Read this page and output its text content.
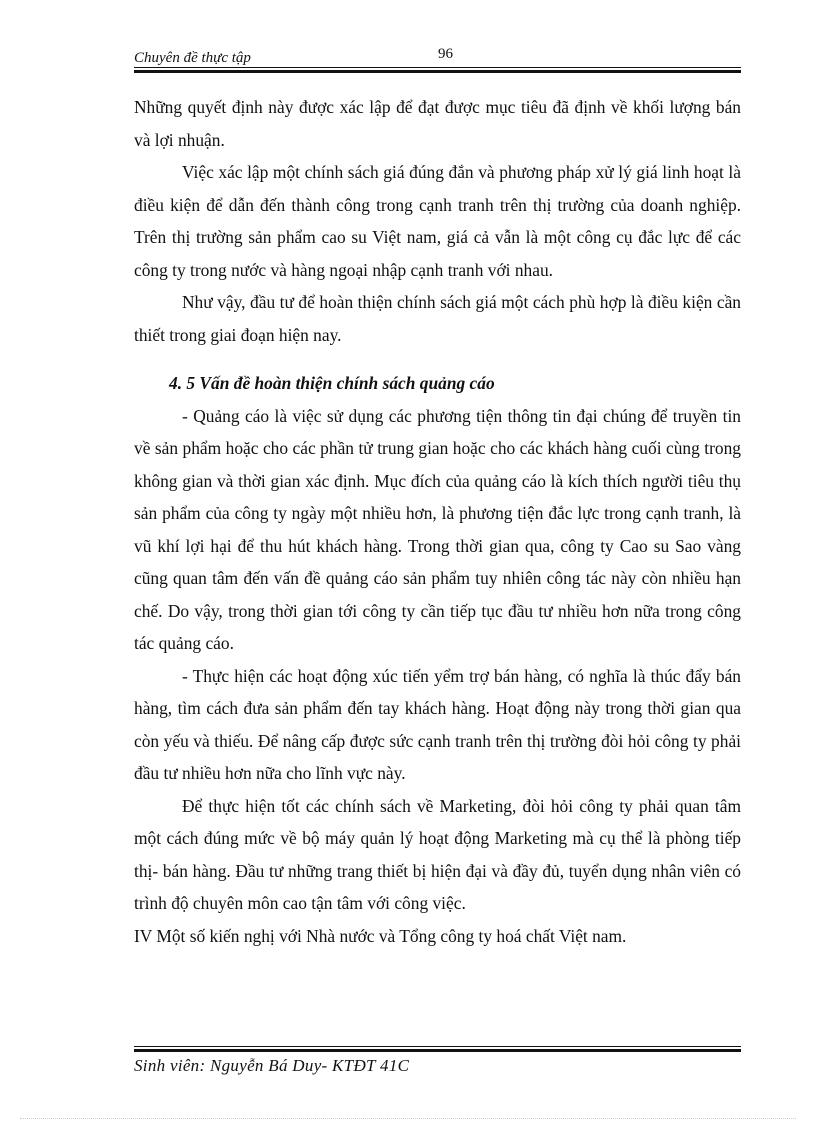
Chuyên đề thực tập	96

Những quyết định này được xác lập để đạt được mục tiêu đã định về khối lượng bán và lợi nhuận.

Việc xác lập một chính sách giá đúng đắn và phương pháp xử lý giá linh hoạt là điều kiện để dẫn đến thành công trong cạnh tranh trên thị trường của doanh nghiệp. Trên thị trường sản phẩm cao su Việt nam, giá cả vẫn là một công cụ đắc lực để các công ty trong nước và hàng ngoại nhập cạnh tranh với nhau.

Như vậy, đầu tư để hoàn thiện chính sách giá một cách phù hợp là điều kiện cần thiết trong giai đoạn hiện nay.

4. 5 Vấn đề hoàn thiện chính sách quảng cáo

- Quảng cáo là việc sử dụng các phương tiện thông tin đại chúng để truyền tin về sản phẩm hoặc cho các phần tử trung gian hoặc cho các khách hàng cuối cùng trong không gian và thời gian xác định. Mục đích của quảng cáo là kích thích người tiêu thụ sản phẩm của công ty ngày một nhiều hơn, là phương tiện đắc lực trong cạnh tranh, là vũ khí lợi hại để thu hút khách hàng. Trong thời gian qua, công ty Cao su Sao vàng cũng quan tâm đến vấn đề quảng cáo sản phẩm tuy nhiên công tác này còn nhiều hạn chế. Do vậy, trong thời gian tới công ty cần tiếp tục đầu tư nhiều hơn nữa trong công tác quảng cáo.

- Thực hiện các hoạt động xúc tiến yểm trợ bán hàng, có nghĩa là thúc đẩy bán hàng, tìm cách đưa sản phẩm đến tay khách hàng. Hoạt động này trong thời gian qua còn yếu và thiếu. Để nâng cấp được sức cạnh tranh trên thị trường đòi hỏi công ty phải đầu tư nhiều hơn nữa cho lĩnh vực này.

Để thực hiện tốt các chính sách về Marketing, đòi hỏi công ty phải quan tâm một cách đúng mức về bộ máy quản lý hoạt động Marketing mà cụ thể là phòng tiếp thị- bán hàng. Đầu tư những trang thiết bị hiện đại và đầy đủ, tuyển dụng nhân viên có trình độ chuyên môn cao tận tâm với công việc.

IV Một số kiến nghị với Nhà nước và Tổng công ty hoá chất Việt nam.

Sinh viên: Nguyễn Bá Duy- KTĐT 41C
